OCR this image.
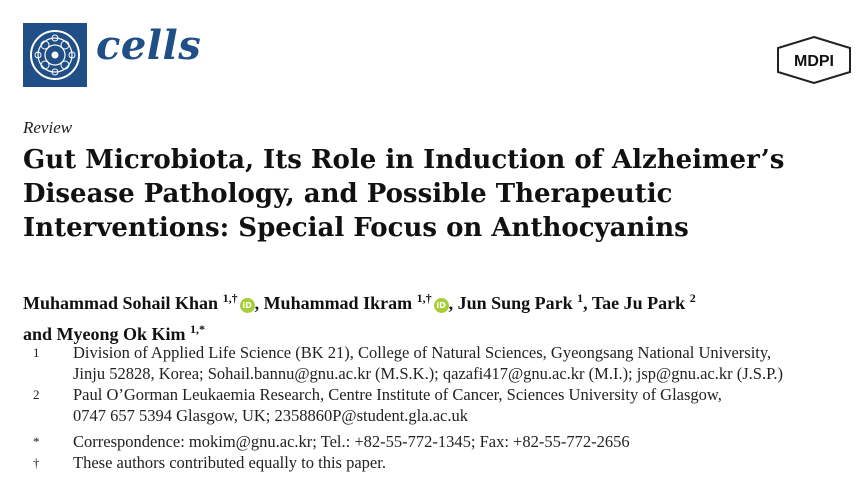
cells	MDPI
Review
Gut Microbiota, Its Role in Induction of Alzheimer’s
Disease Pathology, and Possible Therapeutic
Interventions: Special Focus on Anthocyanins
Muhammad Sohail Khan $^{1,\dagger}$iD , Muhammad Ikram $^{1,\dagger}$iD , Jun Sung Park $^1$, Tae Ju Park $^2$
and Myeong Ok Kim $^{1,*}$
1	Division of Applied Life Science (BK 21), College of Natural Sciences, Gyeongsang National University,
Jinju 52828, Korea; Sohail.bannu@gnu.ac.kr (M.S.K.); qazafi417@gnu.ac.kr (M.I.); jsp@gnu.ac.kr (J.S.P.)
2	Paul O’Gorman Leukaemia Research, Centre Institute of Cancer, Sciences University of Glasgow,
0747 657 5394 Glasgow, UK; 2358860P@student.gla.ac.uk
*	Correspondence: mokim@gnu.ac.kr; Tel.: +82-55-772-1345; Fax: +82-55-772-2656
†	These authors contributed equally to this paper.
